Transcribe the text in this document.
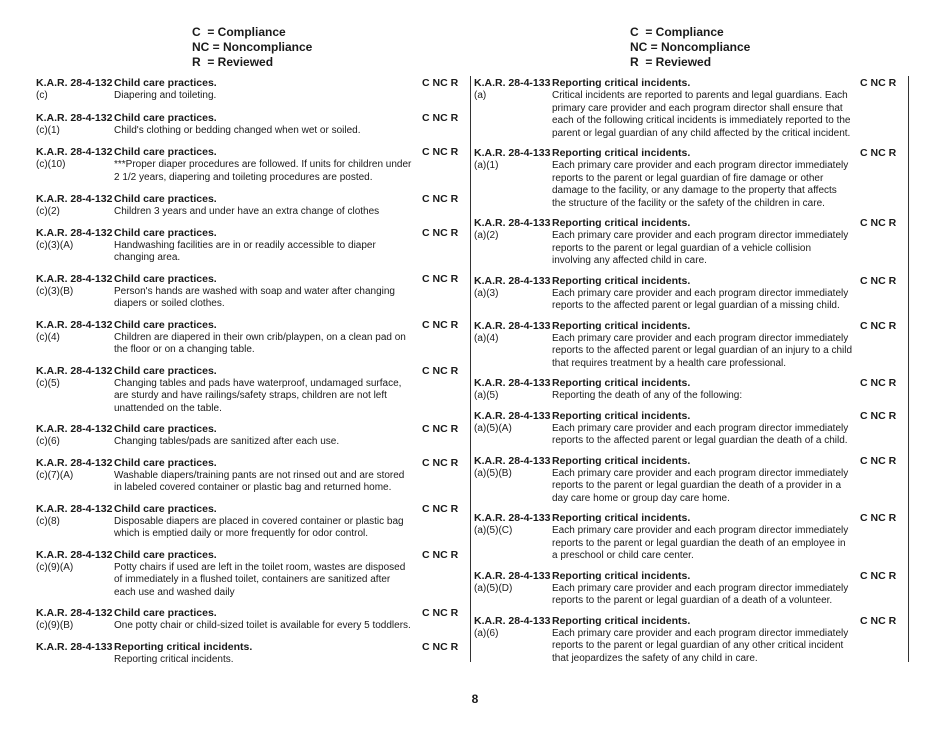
C  = Compliance
NC = Noncompliance
R  = Reviewed
K.A.R. 28-4-132 Child care practices.	C NC R
(c)	Diapering and toileting.
K.A.R. 28-4-132 Child care practices.	C NC R
(c)(1)	Child's clothing or bedding changed when wet or soiled.
K.A.R. 28-4-132 Child care practices.	C NC R
(c)(10)	***Proper diaper procedures are followed. If units for children under 2 1/2 years, diapering and toileting procedures are posted.
K.A.R. 28-4-132 Child care practices.	C NC R
(c)(2)	Children 3 years and under have an extra change of clothes
K.A.R. 28-4-132 Child care practices.	C NC R
(c)(3)(A)	Handwashing facilities are in or readily accessible to diaper changing area.
K.A.R. 28-4-132 Child care practices.	C NC R
(c)(3)(B)	Person's hands are washed with soap and water after changing diapers or soiled clothes.
K.A.R. 28-4-132 Child care practices.	C NC R
(c)(4)	Children are diapered in their own crib/playpen, on a clean pad on the floor or on a changing table.
K.A.R. 28-4-132 Child care practices.	C NC R
(c)(5)	Changing tables and pads have waterproof, undamaged surface, are sturdy and have railings/safety straps, children are not left unattended on the table.
K.A.R. 28-4-132 Child care practices.	C NC R
(c)(6)	Changing tables/pads are sanitized after each use.
K.A.R. 28-4-132 Child care practices.	C NC R
(c)(7)(A)	Washable diapers/training pants are not rinsed out and are stored in labeled covered container or plastic bag and returned home.
K.A.R. 28-4-132 Child care practices.	C NC R
(c)(8)	Disposable diapers are placed in covered container or plastic bag which is emptied daily or more frequently for odor control.
K.A.R. 28-4-132 Child care practices.	C NC R
(c)(9)(A)	Potty chairs if used are left in the toilet room, wastes are disposed of immediately in a flushed toilet, containers are sanitized after each use and washed daily
K.A.R. 28-4-132 Child care practices.	C NC R
(c)(9)(B)	One potty chair or child-sized toilet is available for every 5 toddlers.
K.A.R. 28-4-133 Reporting critical incidents.	C NC R
Reporting critical incidents.
C  = Compliance
NC = Noncompliance
R  = Reviewed
K.A.R. 28-4-133 Reporting critical incidents.	C NC R
(a)	Critical incidents are reported to parents and legal guardians. Each primary care provider and each program director shall ensure that each of the following critical incidents is immediately reported to the parent or legal guardian of any child affected by the critical incident.
K.A.R. 28-4-133 Reporting critical incidents.	C NC R
(a)(1)	Each primary care provider and each program director immediately reports to the parent or legal guardian of fire damage or other damage to the facility, or any damage to the property that affects the structure of the facility or the safety of the children in care.
K.A.R. 28-4-133 Reporting critical incidents.	C NC R
(a)(2)	Each primary care provider and each program director immediately reports to the parent or legal guardian of a vehicle collision involving any affected child in care.
K.A.R. 28-4-133 Reporting critical incidents.	C NC R
(a)(3)	Each primary care provider and each program director immediately reports to the affected parent or legal guardian of a missing child.
K.A.R. 28-4-133 Reporting critical incidents.	C NC R
(a)(4)	Each primary care provider and each program director immediately reports to the affected parent or legal guardian of an injury to a child that requires treatment by a health care professional.
K.A.R. 28-4-133 Reporting critical incidents.	C NC R
(a)(5)	Reporting the death of any of the following:
K.A.R. 28-4-133 Reporting critical incidents.	C NC R
(a)(5)(A)	Each primary care provider and each program director immediately reports to the affected parent or legal guardian the death of a child.
K.A.R. 28-4-133 Reporting critical incidents.	C NC R
(a)(5)(B)	Each primary care provider and each program director immediately reports to the parent or legal guardian the death of a provider in a day care home or group day care home.
K.A.R. 28-4-133 Reporting critical incidents.	C NC R
(a)(5)(C)	Each primary care provider and each program director immediately reports to the parent or legal guardian the death of an employee in a preschool or child care center.
K.A.R. 28-4-133 Reporting critical incidents.	C NC R
(a)(5)(D)	Each primary care provider and each program director immediately reports to the parent or legal guardian of a death of a volunteer.
K.A.R. 28-4-133 Reporting critical incidents.	C NC R
(a)(6)	Each primary care provider and each program director immediately reports to the parent or legal guardian of any other critical incident that jeopardizes the safety of any child in care.
8
